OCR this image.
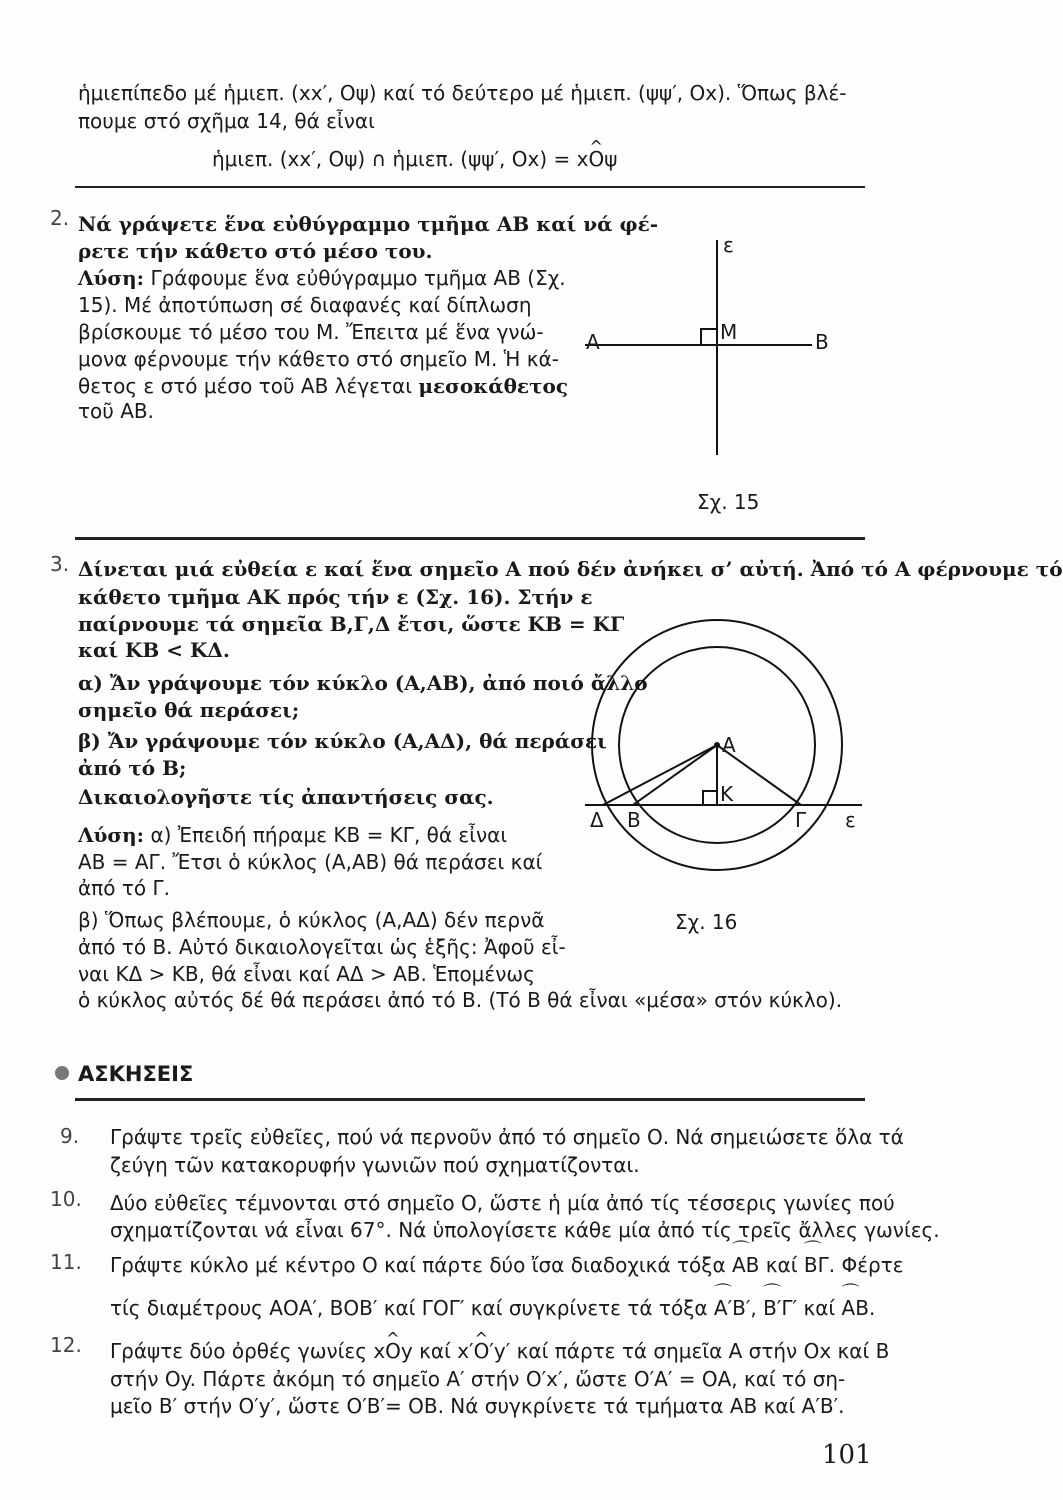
ἡμιεπίπεδο μέ ἡμιεπ. (xx′, Οψ) καί τό δεύτερο μέ ἡμιεπ. (ψψ′, Οx). Ὅπως βλέ-
πουμε στό σχῆμα 14, θά εἶναι
ἡμιεπ. (xx′, Οψ) ∩ ἡμιεπ. (ψψ′, Οx) = x^ Οψ
2. Νά γράψετε ἕνα εὐθύγραμμο τμῆμα ΑΒ καί νά φέ-
ρετε τήν κάθετο στό μέσο του.
Λύση: Γράφουμε ἕνα εὐθύγραμμο τμῆμα ΑΒ (Σχ.
15). Μέ ἀποτύπωση σέ διαφανές καί δίπλωση
βρίσκουμε τό μέσο του Μ. Ἔπειτα μέ ἕνα γνώ-
μονα φέρνουμε τήν κάθετο στό σημεῖο Μ. Ἡ κά-
θετος ε στό μέσο τοῦ ΑΒ λέγεται μεσοκάθετος
τοῦ ΑΒ.
ε
Μ
Α	Β
Σχ. 15
3. Δίνεται μιά εὐθεία ε καί ἕνα σημεῖο Α πού δέν ἀνήκει σ’ αὐτή. Ἀπό τό Α φέρνουμε τό
κάθετο τμῆμα ΑΚ πρός τήν ε (Σχ. 16). Στήν ε
παίρνουμε τά σημεῖα Β,Γ,Δ ἔτσι, ὥστε ΚΒ = ΚΓ
καί ΚΒ < ΚΔ.
α) Ἄν γράψουμε τόν κύκλο (Α,ΑΒ), ἀπό ποιό ἄλλο
σημεῖο θά περάσει;
β) Ἄν γράψουμε τόν κύκλο (Α,ΑΔ), θά περάσει
ἀπό τό Β;
Δικαιολογῆστε τίς ἀπαντήσεις σας.
Λύση: α) Ἐπειδή πήραμε ΚΒ = ΚΓ, θά εἶναι
ΑΒ = ΑΓ. Ἔτσι ὁ κύκλος (Α,ΑΒ) θά περάσει καί
ἀπό τό Γ.
β) Ὅπως βλέπουμε, ὁ κύκλος (Α,ΑΔ) δέν περνᾶ
ἀπό τό Β. Αὐτό δικαιολογεῖται ὡς ἑξῆς: Ἀφοῦ εἶ-
ναι ΚΔ > ΚΒ, θά εἶναι καί ΑΔ > ΑΒ. Ἑπομένως
ὁ κύκλος αὐτός δέ θά περάσει ἀπό τό Β. (Τό Β θά εἶναι «μέσα» στόν κύκλο).
Α
Κ
Δ Β	Γ ε
Σχ. 16
ΑΣΚΗΣΕΙΣ
9. Γράψτε τρεῖς εὐθεῖες, πού νά περνοῦν ἀπό τό σημεῖο Ο. Νά σημειώσετε ὅλα τά
ζεύγη τῶν κατακορυφήν γωνιῶν πού σχηματίζονται.
10. Δύο εὐθεῖες τέμνονται στό σημεῖο Ο, ὥστε ἡ μία ἀπό τίς τέσσερις γωνίες πού
σχηματίζονται νά εἶναι 67°. Νά ὑπολογίσετε κάθε μία ἀπό τίς τρεῖς ἄλλες γωνίες.
11. Γράψτε κύκλο μέ κέντρο Ο καί πάρτε δύο ἴσα διαδοχικά τόξα ⌒ ΑΒ καί ⌒ ΒΓ. Φέρτε
τίς διαμέτρους ΑΟΑ′, ΒΟΒ′ καί ΓΟΓ′ καί συγκρίνετε τά τόξα ⌒ Α′Β′, ⌒ Β′Γ′ καί ⌒ ΑΒ.
12. Γράψτε δύο ὀρθές γωνίες x^ Οy καί x′^ Ο′y′ καί πάρτε τά σημεῖα Α στήν Οx καί Β
στήν Οy. Πάρτε ἀκόμη τό σημεῖο Α′ στήν Ο′x′, ὥστε Ο′Α′ = ΟΑ, καί τό ση-
μεῖο Β′ στήν Ο′y′, ὥστε Ο′Β′= ΟΒ. Νά συγκρίνετε τά τμήματα ΑΒ καί Α′Β′.
101
